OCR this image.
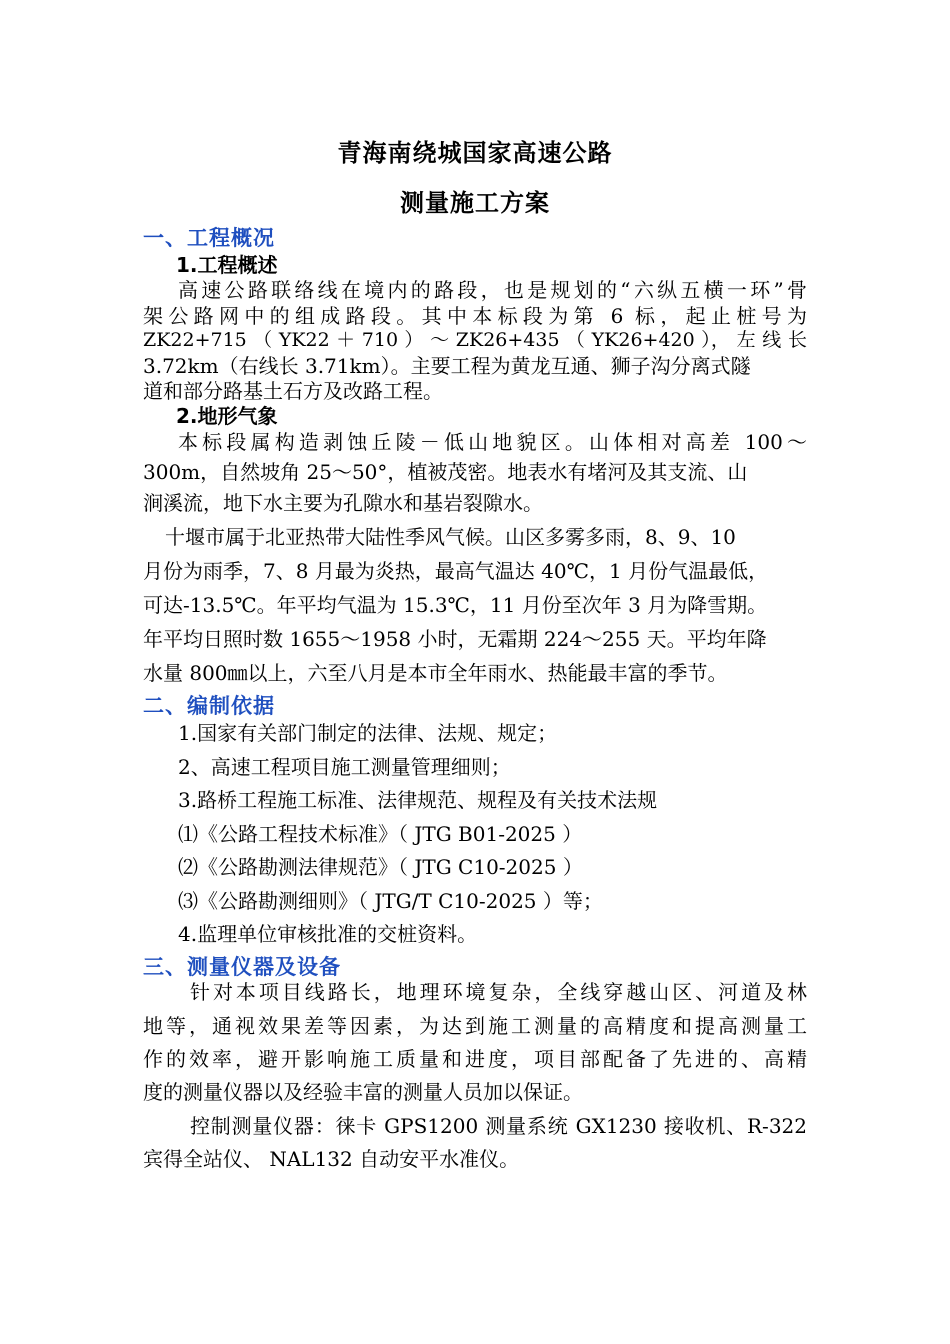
青海南绕城国家高速公路
测量施工方案
一、工程概况
1.工程概述
高速公路联络线在境内的路段，也是规划的“六纵五横一环”骨
架公路网中的组成路段。其中本标段为第 6 标，起止桩号为
ZK22+715 （ YK22 ＋ 710 ） ～ ZK26+435 （ YK26+420 ）， 左 线 长
3.72km（右线长 3.71km）。主要工程为黄龙互通、狮子沟分离式隧
道和部分路基土石方及改路工程。
2.地形气象
本标段属构造剥蚀丘陵－低山地貌区。山体相对高差 100～
300m，自然坡角 25～50°，植被茂密。地表水有堵河及其支流、山
涧溪流，地下水主要为孔隙水和基岩裂隙水。
十堰市属于北亚热带大陆性季风气候。山区多雾多雨，8、9、10
月份为雨季，7、8 月最为炎热，最高气温达 40℃，1 月份气温最低，
可达-13.5℃。年平均气温为 15.3℃，11 月份至次年 3 月为降雪期。
年平均日照时数 1655～1958 小时，无霜期 224～255 天。平均年降
水量 800㎜以上，六至八月是本市全年雨水、热能最丰富的季节。
二、编制依据
1.国家有关部门制定的法律、法规、规定；
2、高速工程项目施工测量管理细则；
3.路桥工程施工标准、法律规范、规程及有关技术法规
⑴《公路工程技术标准》（ JTG B01-2025 ）
⑵《公路勘测法律规范》（ JTG C10-2025 ）
⑶《公路勘测细则》（ JTG/T C10-2025 ）等；
4.监理单位审核批准的交桩资料。
三、测量仪器及设备
针对本项目线路长，地理环境复杂，全线穿越山区、河道及林
地等，通视效果差等因素，为达到施工测量的高精度和提高测量工
作的效率，避开影响施工质量和进度，项目部配备了先进的、高精
度的测量仪器以及经验丰富的测量人员加以保证。
控制测量仪器：徕卡 GPS1200 测量系统 GX1230 接收机、R-322
宾得全站仪、 NAL132 自动安平水准仪。
